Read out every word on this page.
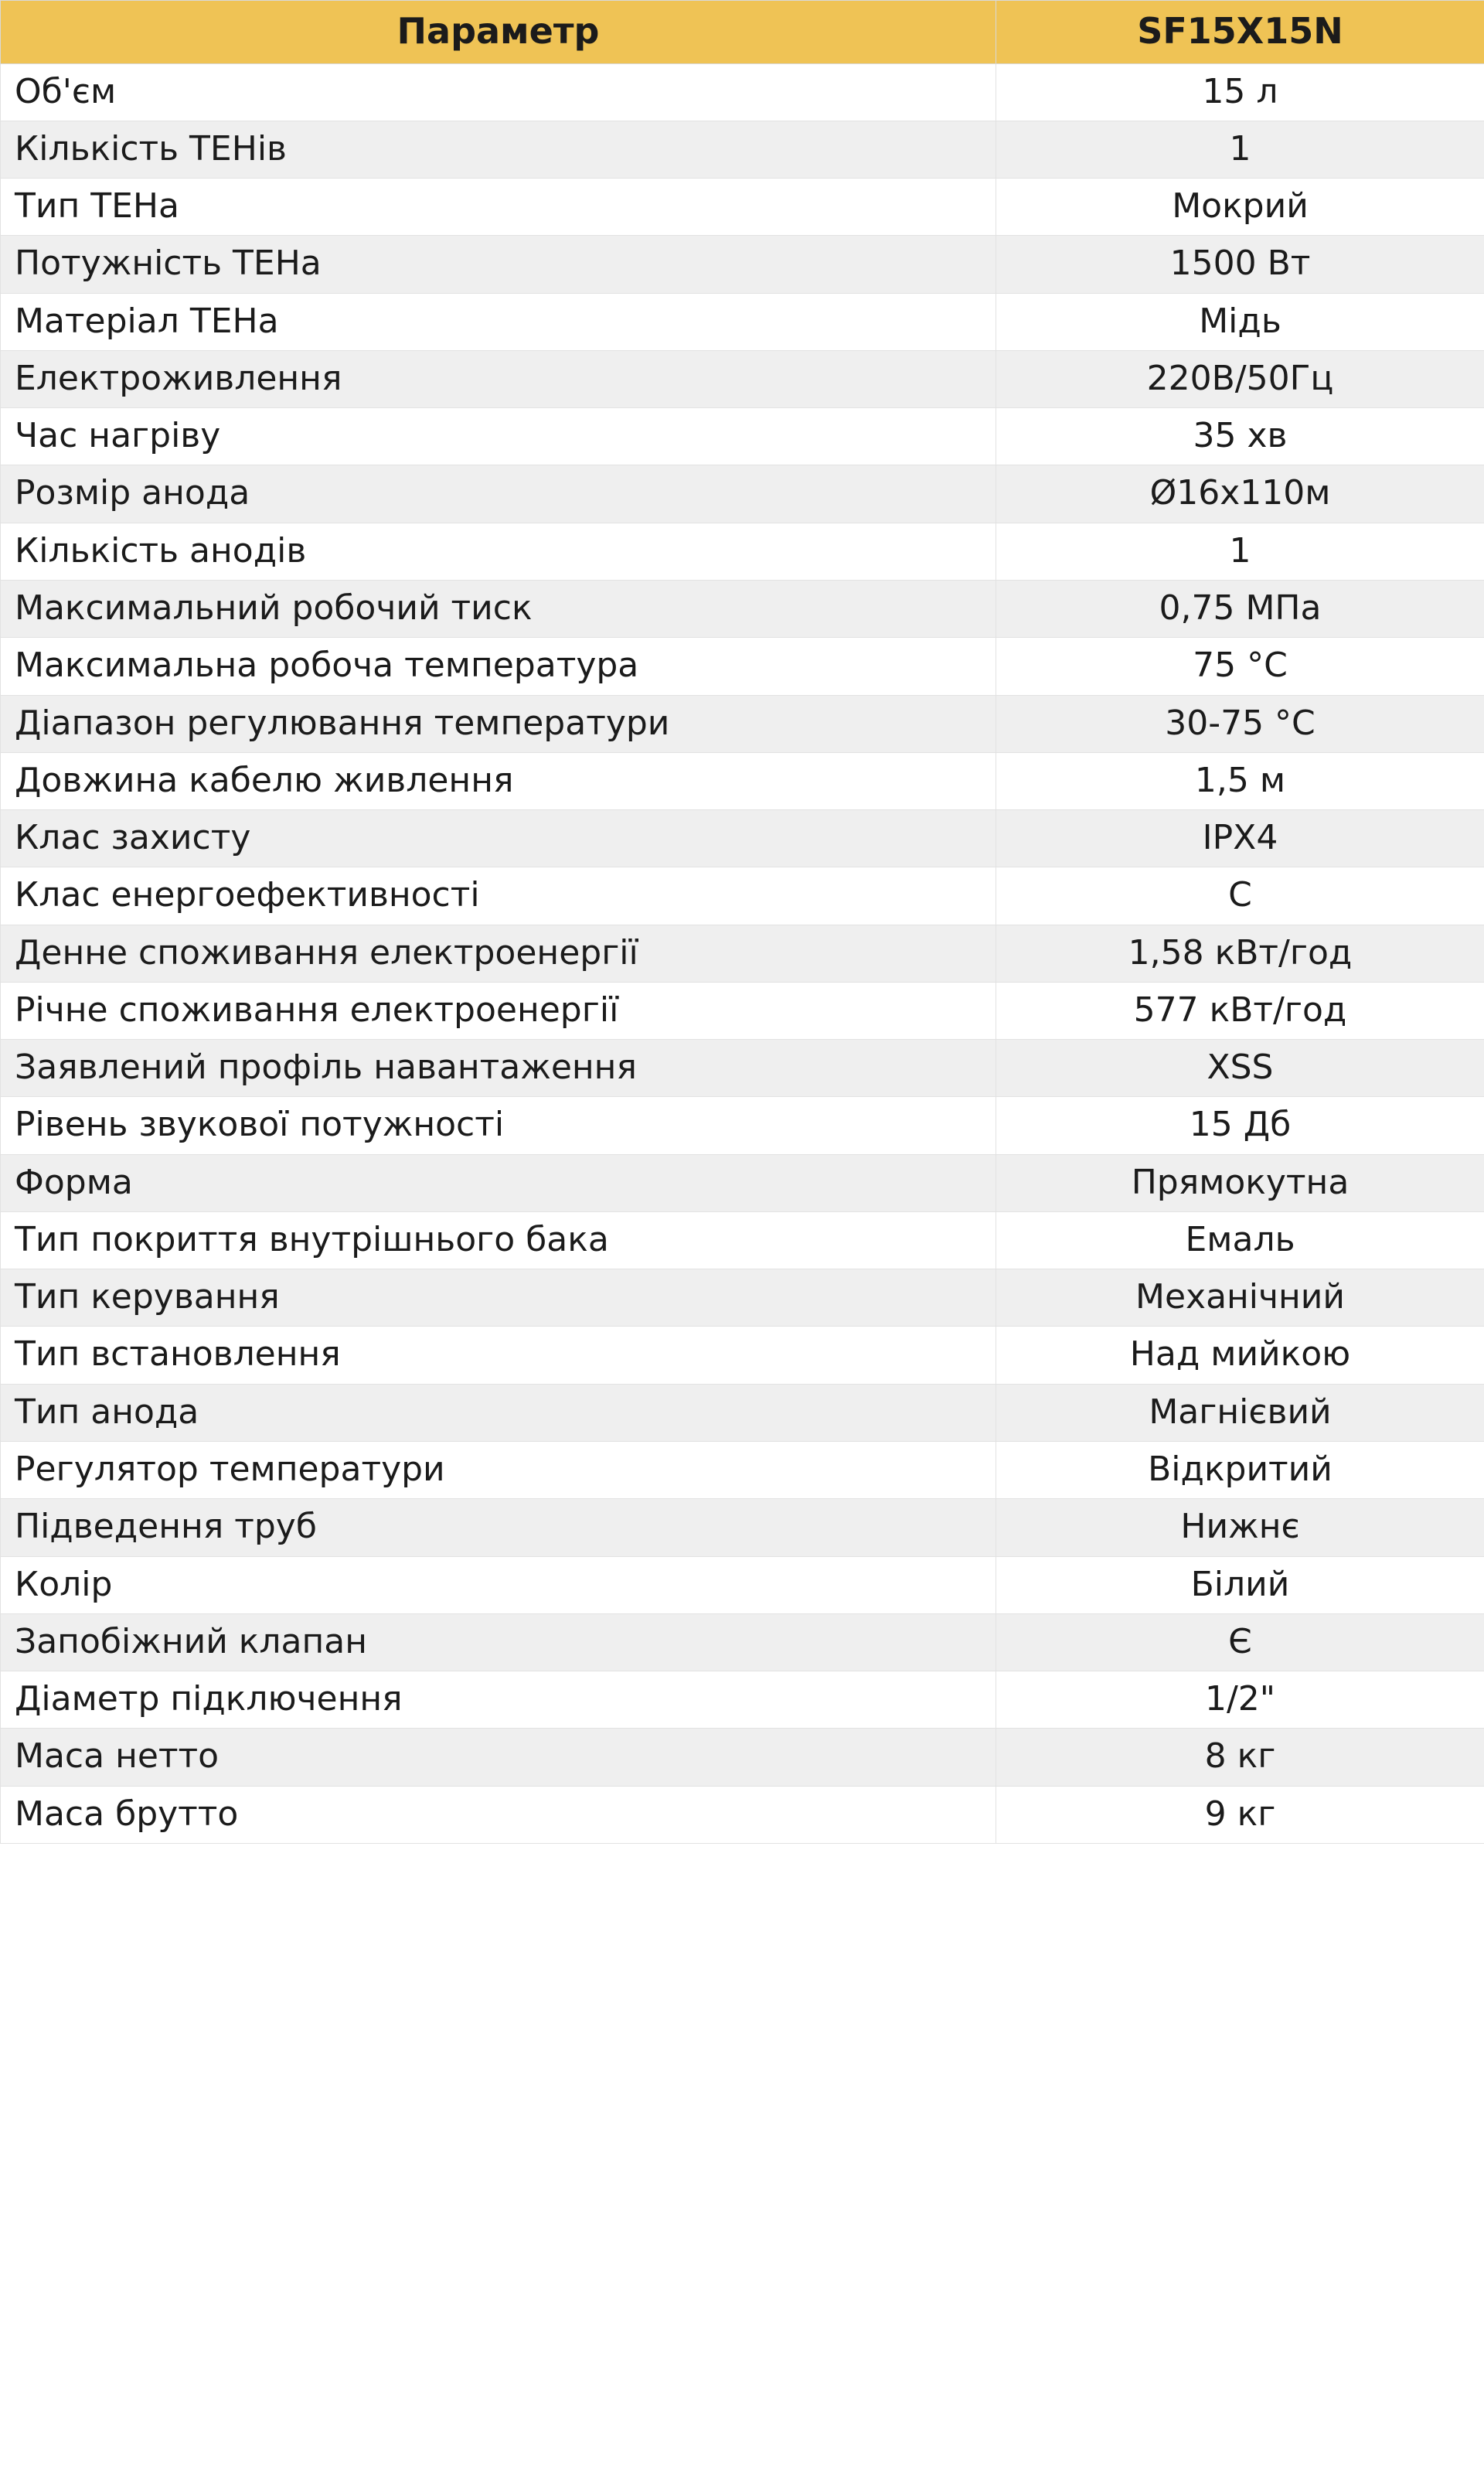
Параметр	SF15X15N
Об'єм	15 л
Кількість ТЕНів	1
Тип ТЕНа	Мокрий
Потужність ТЕНа	1500 Вт
Матеріал ТЕНа	Мідь
Електроживлення	220В/50Гц
Час нагріву	35 хв
Розмір анода	Ø16х110м
Кількість анодів	1
Максимальний робочий тиск	0,75 МПа
Максимальна робоча температура	75 °C
Діапазон регулювання температури	30-75 °C
Довжина кабелю живлення	1,5 м
Клас захисту	IPX4
Клас енергоефективності	C
Денне споживання електроенергії	1,58 кВт/год
Річне споживання електроенергії	577 кВт/год
Заявлений профіль навантаження	XSS
Рівень звукової потужності	15 Дб
Форма	Прямокутна
Тип покриття внутрішнього бака	Емаль
Тип керування	Механічний
Тип встановлення	Над мийкою
Тип анода	Магнієвий
Регулятор температури	Відкритий
Підведення труб	Нижнє
Колір	Білий
Запобіжний клапан	Є
Діаметр підключення	1/2"
Маса нетто	8 кг
Маса брутто	9 кг
